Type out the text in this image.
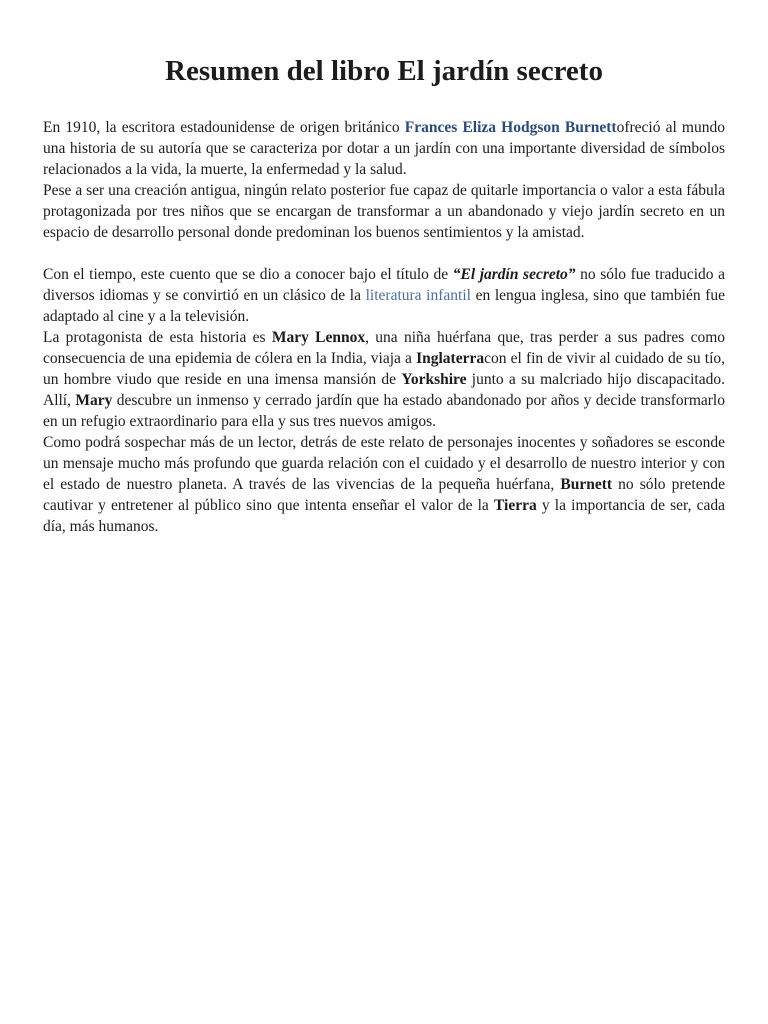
Resumen del libro El jardín secreto

En 1910, la escritora estadounidense de origen británico Frances Eliza Hodgson Burnettofreció al mundo una historia de su autoría que se caracteriza por dotar a un jardín con una importante diversidad de símbolos relacionados a la vida, la muerte, la enfermedad y la salud.

Pese a ser una creación antigua, ningún relato posterior fue capaz de quitarle importancia o valor a esta fábula protagonizada por tres niños que se encargan de transformar a un abandonado y viejo jardín secreto en un espacio de desarrollo personal donde predominan los buenos sentimientos y la amistad.

Con el tiempo, este cuento que se dio a conocer bajo el título de “El jardín secreto” no sólo fue traducido a diversos idiomas y se convirtió en un clásico de la literatura infantil en lengua inglesa, sino que también fue adaptado al cine y a la televisión.

La protagonista de esta historia es Mary Lennox, una niña huérfana que, tras perder a sus padres como consecuencia de una epidemia de cólera en la India, viaja a Inglaterracon el fin de vivir al cuidado de su tío, un hombre viudo que reside en una imensa mansión de Yorkshire junto a su malcriado hijo discapacitado. Allí, Mary descubre un inmenso y cerrado jardín que ha estado abandonado por años y decide transformarlo en un refugio extraordinario para ella y sus tres nuevos amigos.

Como podrá sospechar más de un lector, detrás de este relato de personajes inocentes y soñadores se esconde un mensaje mucho más profundo que guarda relación con el cuidado y el desarrollo de nuestro interior y con el estado de nuestro planeta. A través de las vivencias de la pequeña huérfana, Burnett no sólo pretende cautivar y entretener al público sino que intenta enseñar el valor de la Tierra y la importancia de ser, cada día, más humanos.
